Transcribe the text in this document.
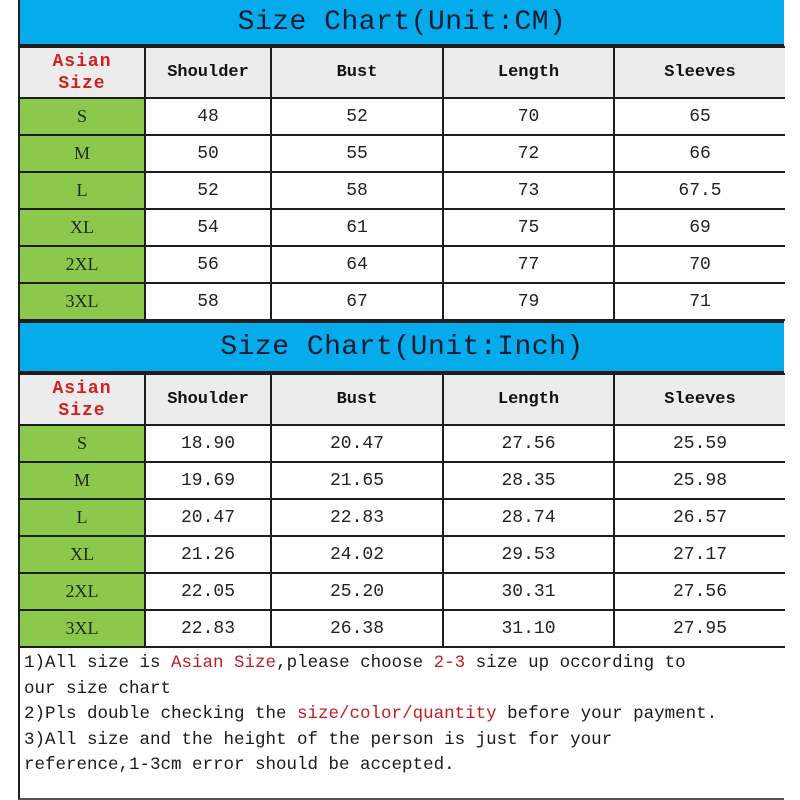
Size Chart(Unit:CM)
Asian
Size	Shoulder	Bust	Length	Sleeves
S	48	52	70	65
M	50	55	72	66
L	52	58	73	67.5
XL	54	61	75	69
2XL	56	64	77	70
3XL	58	67	79	71
Size Chart(Unit:Inch)
Asian
Size	Shoulder	Bust	Length	Sleeves
S	18.90	20.47	27.56	25.59
M	19.69	21.65	28.35	25.98
L	20.47	22.83	28.74	26.57
XL	21.26	24.02	29.53	27.17
2XL	22.05	25.20	30.31	27.56
3XL	22.83	26.38	31.10	27.95
1)All size is Asian Size,please choose 2-3 size up occording to
our size chart
2)Pls double checking the size/color/quantity before your payment.
3)All size and the height of the person is just for your
reference,1-3cm error should be accepted.
